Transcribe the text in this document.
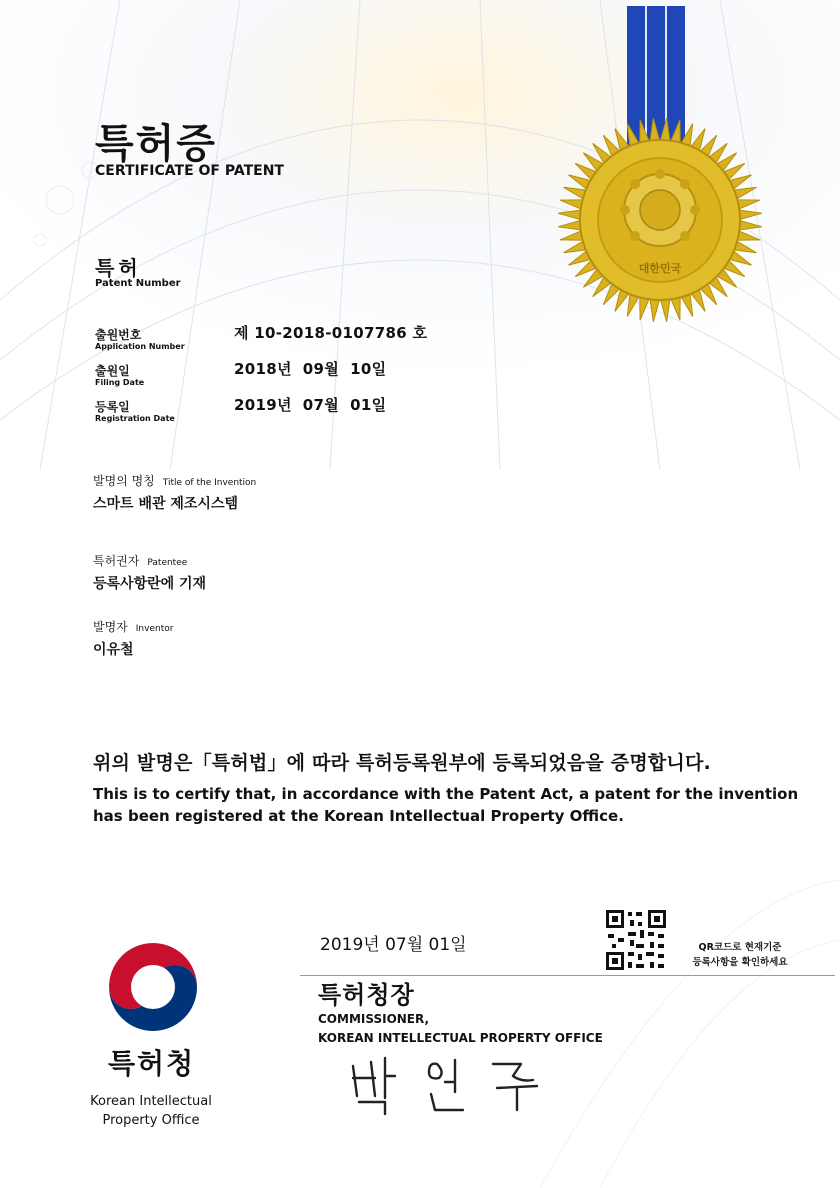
대한민국
특허증
CERTIFICATE OF PATENT
특허
Patent Number
출원번호
Application Number
제 10-2018-0107786 호
출원일
Filing Date
2018년  09월  10일
등록일
Registration Date
2019년  07월  01일
발명의 명칭 Title of the Invention
스마트 배관 제조시스템
특허권자 Patentee
등록사항란에 기재
발명자 Inventor
이유철
위의 발명은「특허법」에 따라 특허등록원부에 등록되었음을 증명합니다.
This is to certify that, in accordance with the Patent Act, a patent for the invention has been registered at the Korean Intellectual Property Office.
2019년 07월 01일	QR코드로 현재기준
등록사항을 확인하세요
특허청장
COMMISSIONER,
KOREAN INTELLECTUAL PROPERTY OFFICE
특허청
Korean Intellectual
Property Office
